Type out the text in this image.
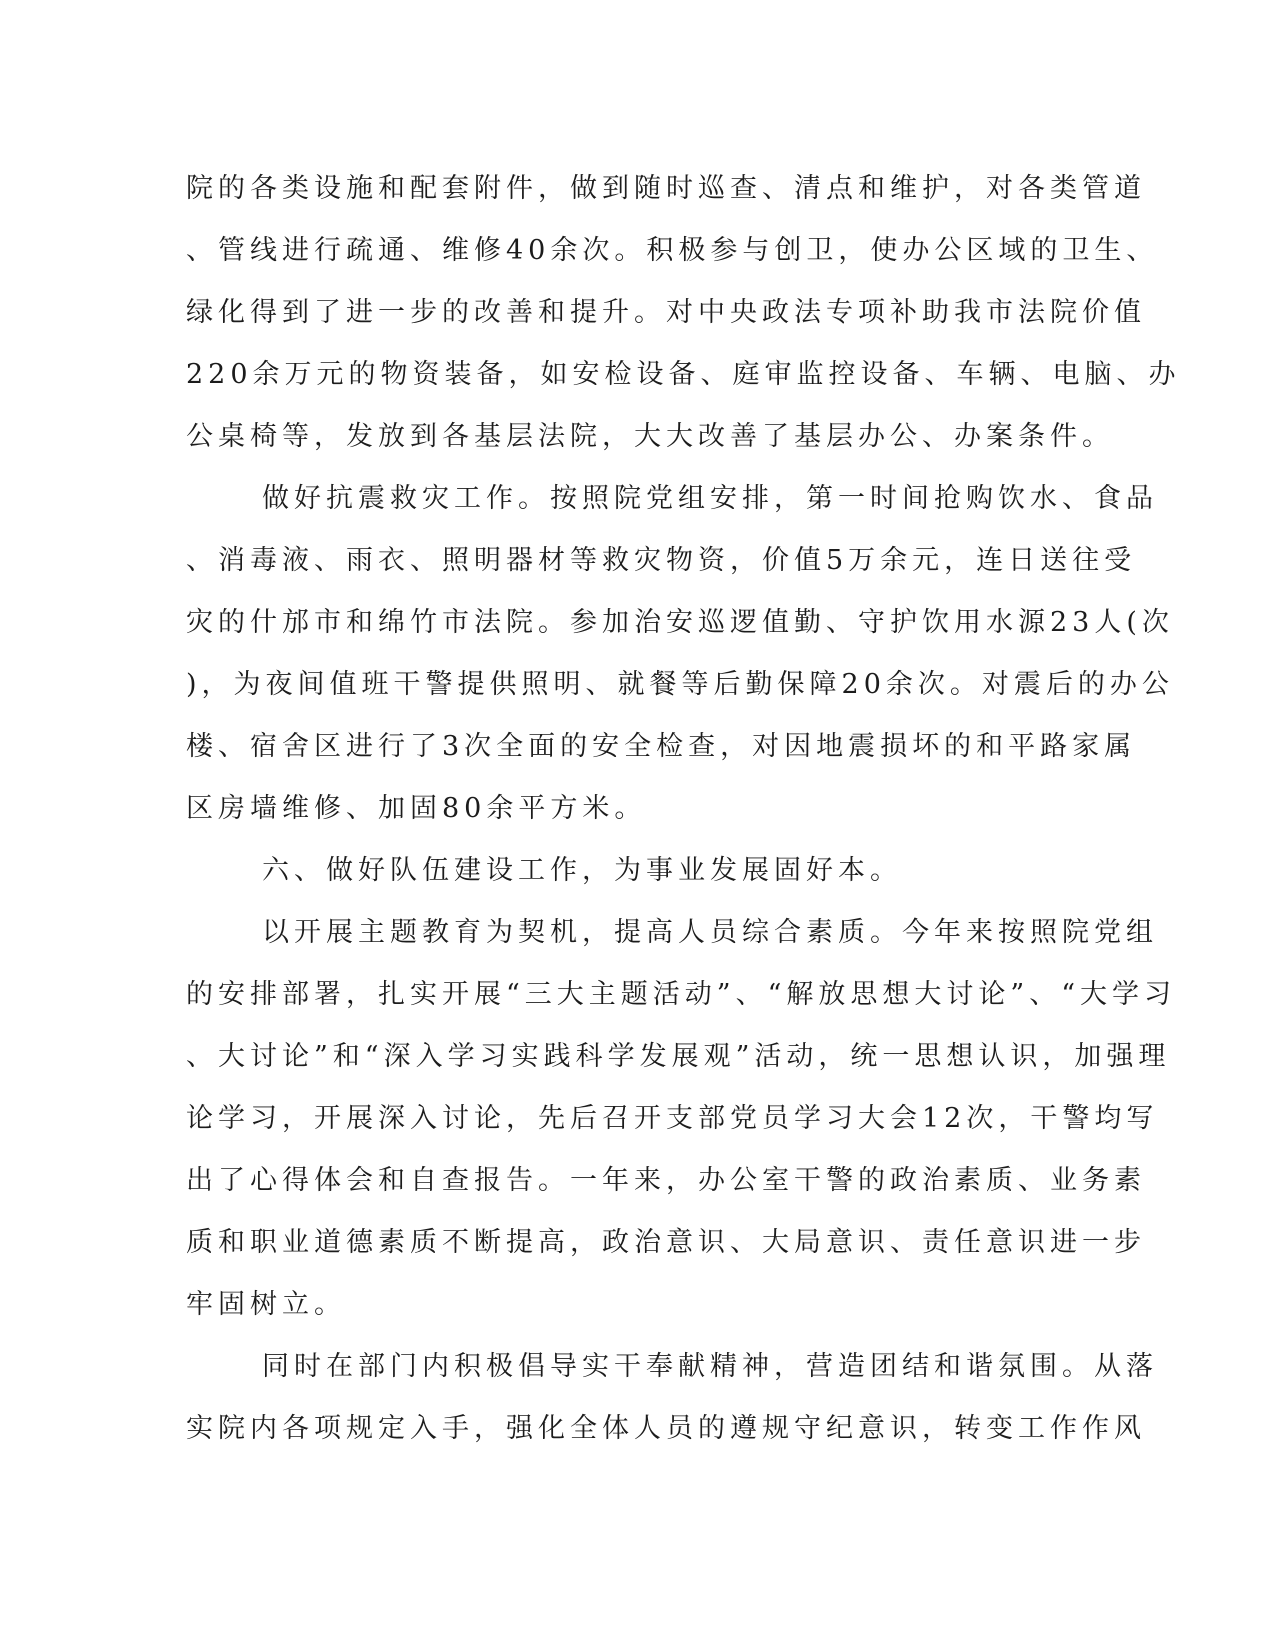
院的各类设施和配套附件，做到随时巡查、清点和维护，对各类管道
、管线进行疏通、维修40余次。积极参与创卫，使办公区域的卫生、
绿化得到了进一步的改善和提升。对中央政法专项补助我市法院价值
220余万元的物资装备，如安检设备、庭审监控设备、车辆、电脑、办
公桌椅等，发放到各基层法院，大大改善了基层办公、办案条件。
做好抗震救灾工作。按照院党组安排，第一时间抢购饮水、食品
、消毒液、雨衣、照明器材等救灾物资，价值5万余元，连日送往受
灾的什邡市和绵竹市法院。参加治安巡逻值勤、守护饮用水源23人(次
)，为夜间值班干警提供照明、就餐等后勤保障20余次。对震后的办公
楼、宿舍区进行了3次全面的安全检查，对因地震损坏的和平路家属
区房墙维修、加固80余平方米。
六、做好队伍建设工作，为事业发展固好本。
以开展主题教育为契机，提高人员综合素质。今年来按照院党组
的安排部署，扎实开展“三大主题活动”、“解放思想大讨论”、“大学习
、大讨论”和“深入学习实践科学发展观”活动，统一思想认识，加强理
论学习，开展深入讨论，先后召开支部党员学习大会12次，干警均写
出了心得体会和自查报告。一年来，办公室干警的政治素质、业务素
质和职业道德素质不断提高，政治意识、大局意识、责任意识进一步
牢固树立。
同时在部门内积极倡导实干奉献精神，营造团结和谐氛围。从落
实院内各项规定入手，强化全体人员的遵规守纪意识，转变工作作风
